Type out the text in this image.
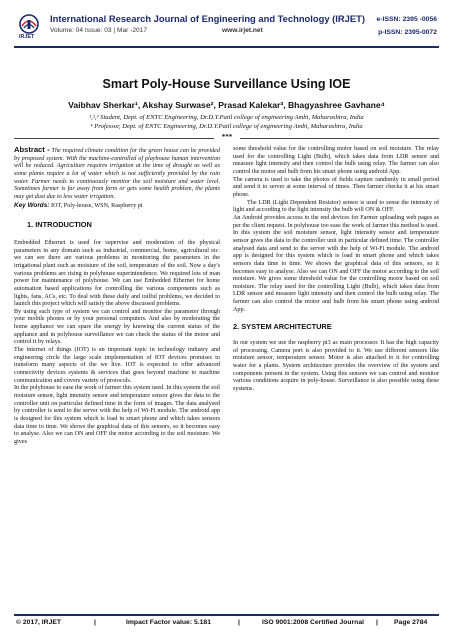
IRJET
International Research Journal of Engineering and Technology (IRJET)
Volume: 04 Issue: 03 | Mar -2017	www.irjet.net
e-ISSN: 2395 -0056
p-ISSN: 2395-0072
Smart Poly-House Surveillance Using IOE
Vaibhav Sherkar¹, Akshay Surwase², Prasad Kalekar³, Bhagyashree Gavhane⁴
¹,²,³ Student, Dept. of ENTC Engineering, Dr.D.Y.Patil college of engineering Ambi, Maharashtra, India
⁴ Professor, Dept. of ENTC Engineering, Dr.D.Y.Patil college of engineering Ambi, Maharashtra, India
***

Abstract - The required climate condition for the green house can be provided by proposed system. With the machine-controlled of playhouse human intervention will be reduced. Agriculture requires irrigation at the time of drought as well as some plants require a lot of water which is not sufficiently provided by the rain water. Farmer needs to continuously monitor the soil moisture and water level. Sometimes farmer is far away from farm or gets some health problem, the plants may get dust due to less water irrigation.

Key Words: IOT, Poly-house, WSN, Raspberry pi

1. INTRODUCTION

Embedded Ethernet is used for supervise and moderation of the physical parameters in any domain such as industrial, commercial, home, agricultural etc. we can see there are various problems in monitoring the parameters in the irrigational plant such as moisture of the soil, temperature of the soil. Now a day's various problems are rising in polyhouse superintendence. We required lots of man power for maintenance of polyhouse. We can use Embedded Ethernet for home automation based applications for controlling the various components such as lights, fans, ACs, etc. To deal with these daily and toilful problems, we decided to launch this project which will satisfy the above discussed problems.

By using such type of system we can control and monitor the parameter through your mobile phones or by your personal computers. And also by moderating the home appliance we can spare the energy by knowing the current status of the appliance and in polyhouse surveillance we can check the status of the motor and control it by relays.

The internet of things (IOT) is an important topic in technology industry and engineering circle the large scale implementation of IOT devices promises to transform many aspects of the we live. IOT is expected to offer advanced connectivity devices systems & services that goes beyond machine to machine communication and covers variety of protocols.

In the polyhouse to ease the work of farmer this system used. In this system the soil moisture sensor, light intensity sensor and temperature sensor gives the data to the controller unit on particular defined time in the form of images. The data analysed by controller is send to the server with the help of Wi-Fi module. The android app is designed for this system which is load in smart phone and which takes sensors data time to time. We shows the graphical data of this sensors, so it becomes easy to analyse. Also we can ON and OFF the motor according to the soil moisture. We gives

some threshold value for the controlling motor based on soil moisture. The relay used for the controlling Light (Bulb), which takes data from LDR sensor and measure light intensity and then control the bulb using relay. The farmer can also control the motor and bulb from his smart phone using android App.

The camera is used to take the photos of fields capture randomly in small period and send it to server at some interval of times. Then farmer checks it at his smart phone.

The LDR (Light Dependent Resistor) sensor is used to sense the intensity of light and according to the light intensity the bulb will ON & OFF.

An Android provides access to the end devices for Farmer uploading web pages as per the client request. In polyhouse too ease the work of farmer this method is used. In this system the soil moisture sensor, light intensity sensor and temperature sensor gives the data to the controller unit in particular defined time. The controller analysed data and send to the server with the help of Wi-Fi module. The android app is designed for this system which is load in smart phone and which takes sensors data time to time. We shows the graphical data of this sensors, so it becomes easy to analyse. Also we can ON and OFF the motor according to the soil moisture. We gives some threshold value for the controlling motor based on soil moisture. The relay used for the controlling Light (Bulb), which takes data from LDR sensor and measure light intensity and then control the bulb using relay. The farmer can also control the motor and bulb from his smart phone using android App.

2. SYSTEM ARCHITECTURE

In our system we use the raspberry pi3 as main processor. It has the high capacity of processing. Camera port is also provided to it. We use different sensors like moisture sensor, temperature sensor. Motor is also attached to it for controlling water for a plants. System architecture provides the overview of the system and components present in the system. Using this sensors we can control and monitor various conditions acquire in poly-house. Surveillance is also possible using these systems.

© 2017, IRJET	|	Impact Factor value: 5.181	|	ISO 9001:2008 Certified Journal | Page 2784
